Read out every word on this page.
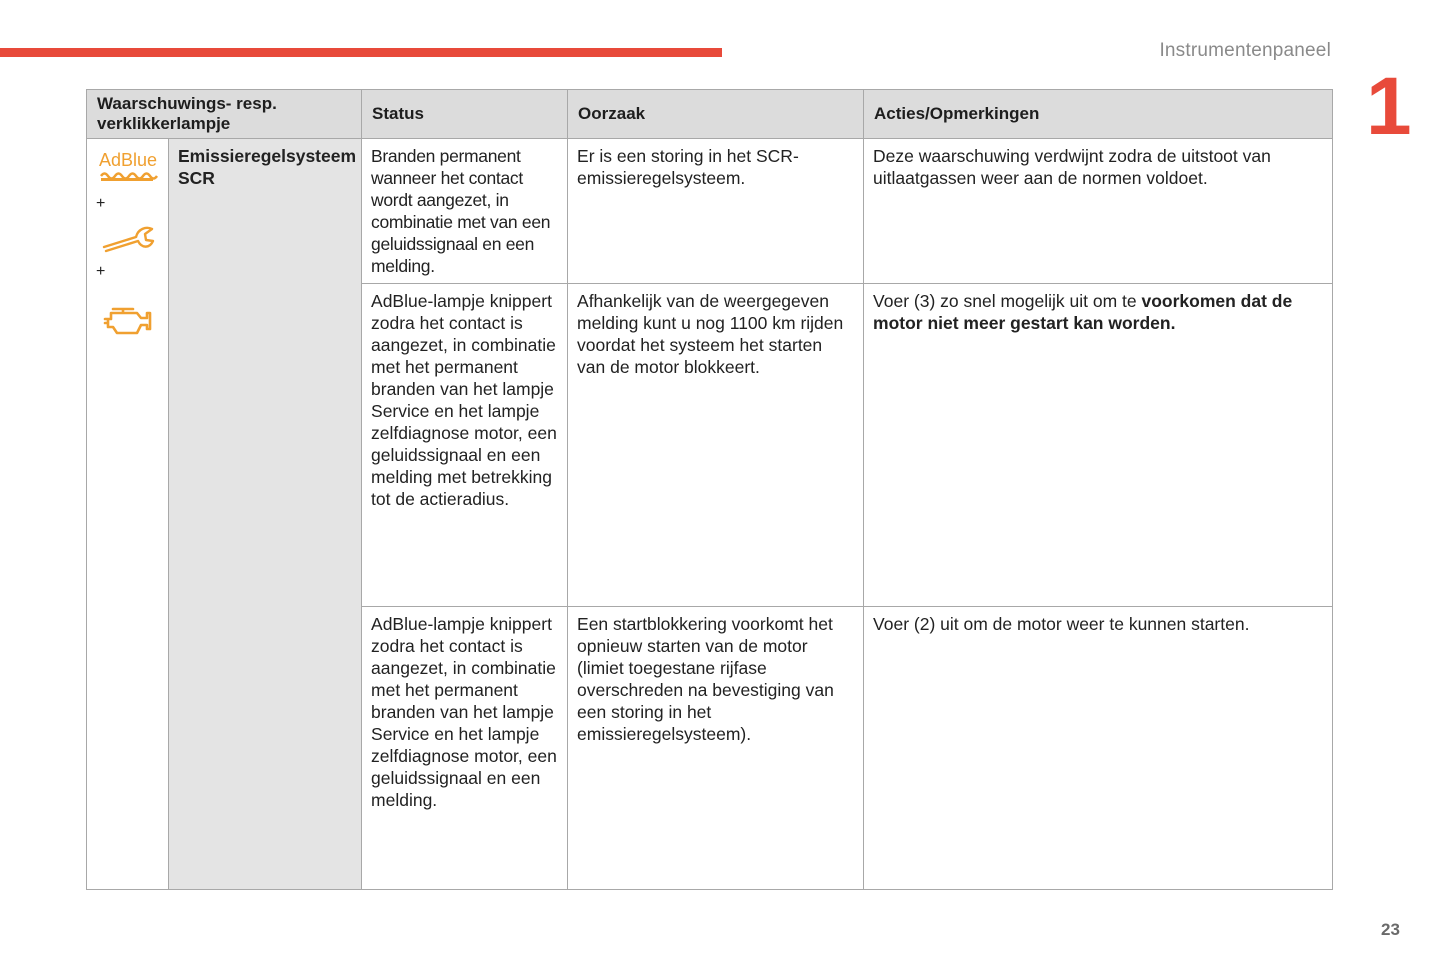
Instrumentenpaneel
1
Waarschuwings- resp. verklikkerlampje		Status	Oorzaak	Acties/Opmerkingen

AdBlue
+
+	Emissieregelsysteem SCR	Branden permanent wanneer het contact wordt aangezet, in combinatie met van een geluidssignaal en een melding.	Er is een storing in het SCR-emissieregelsysteem.	Deze waarschuwing verdwijnt zodra de uitstoot van uitlaatgassen weer aan de normen voldoet.
		AdBlue-lampje knippert zodra het contact is aangezet, in combinatie met het permanent branden van het lampje Service en het lampje zelfdiagnose motor, een geluidssignaal en een melding met betrekking tot de actieradius.	Afhankelijk van de weergegeven melding kunt u nog 1100 km rijden voordat het systeem het starten van de motor blokkeert.	Voer (3) zo snel mogelijk uit om te voorkomen dat de motor niet meer gestart kan worden.
		AdBlue-lampje knippert zodra het contact is aangezet, in combinatie met het permanent branden van het lampje Service en het lampje zelfdiagnose motor, een geluidssignaal en een melding.	Een startblokkering voorkomt het opnieuw starten van de motor (limiet toegestane rijfase overschreden na bevestiging van een storing in het emissieregelsysteem).	Voer (2) uit om de motor weer te kunnen starten.
23
